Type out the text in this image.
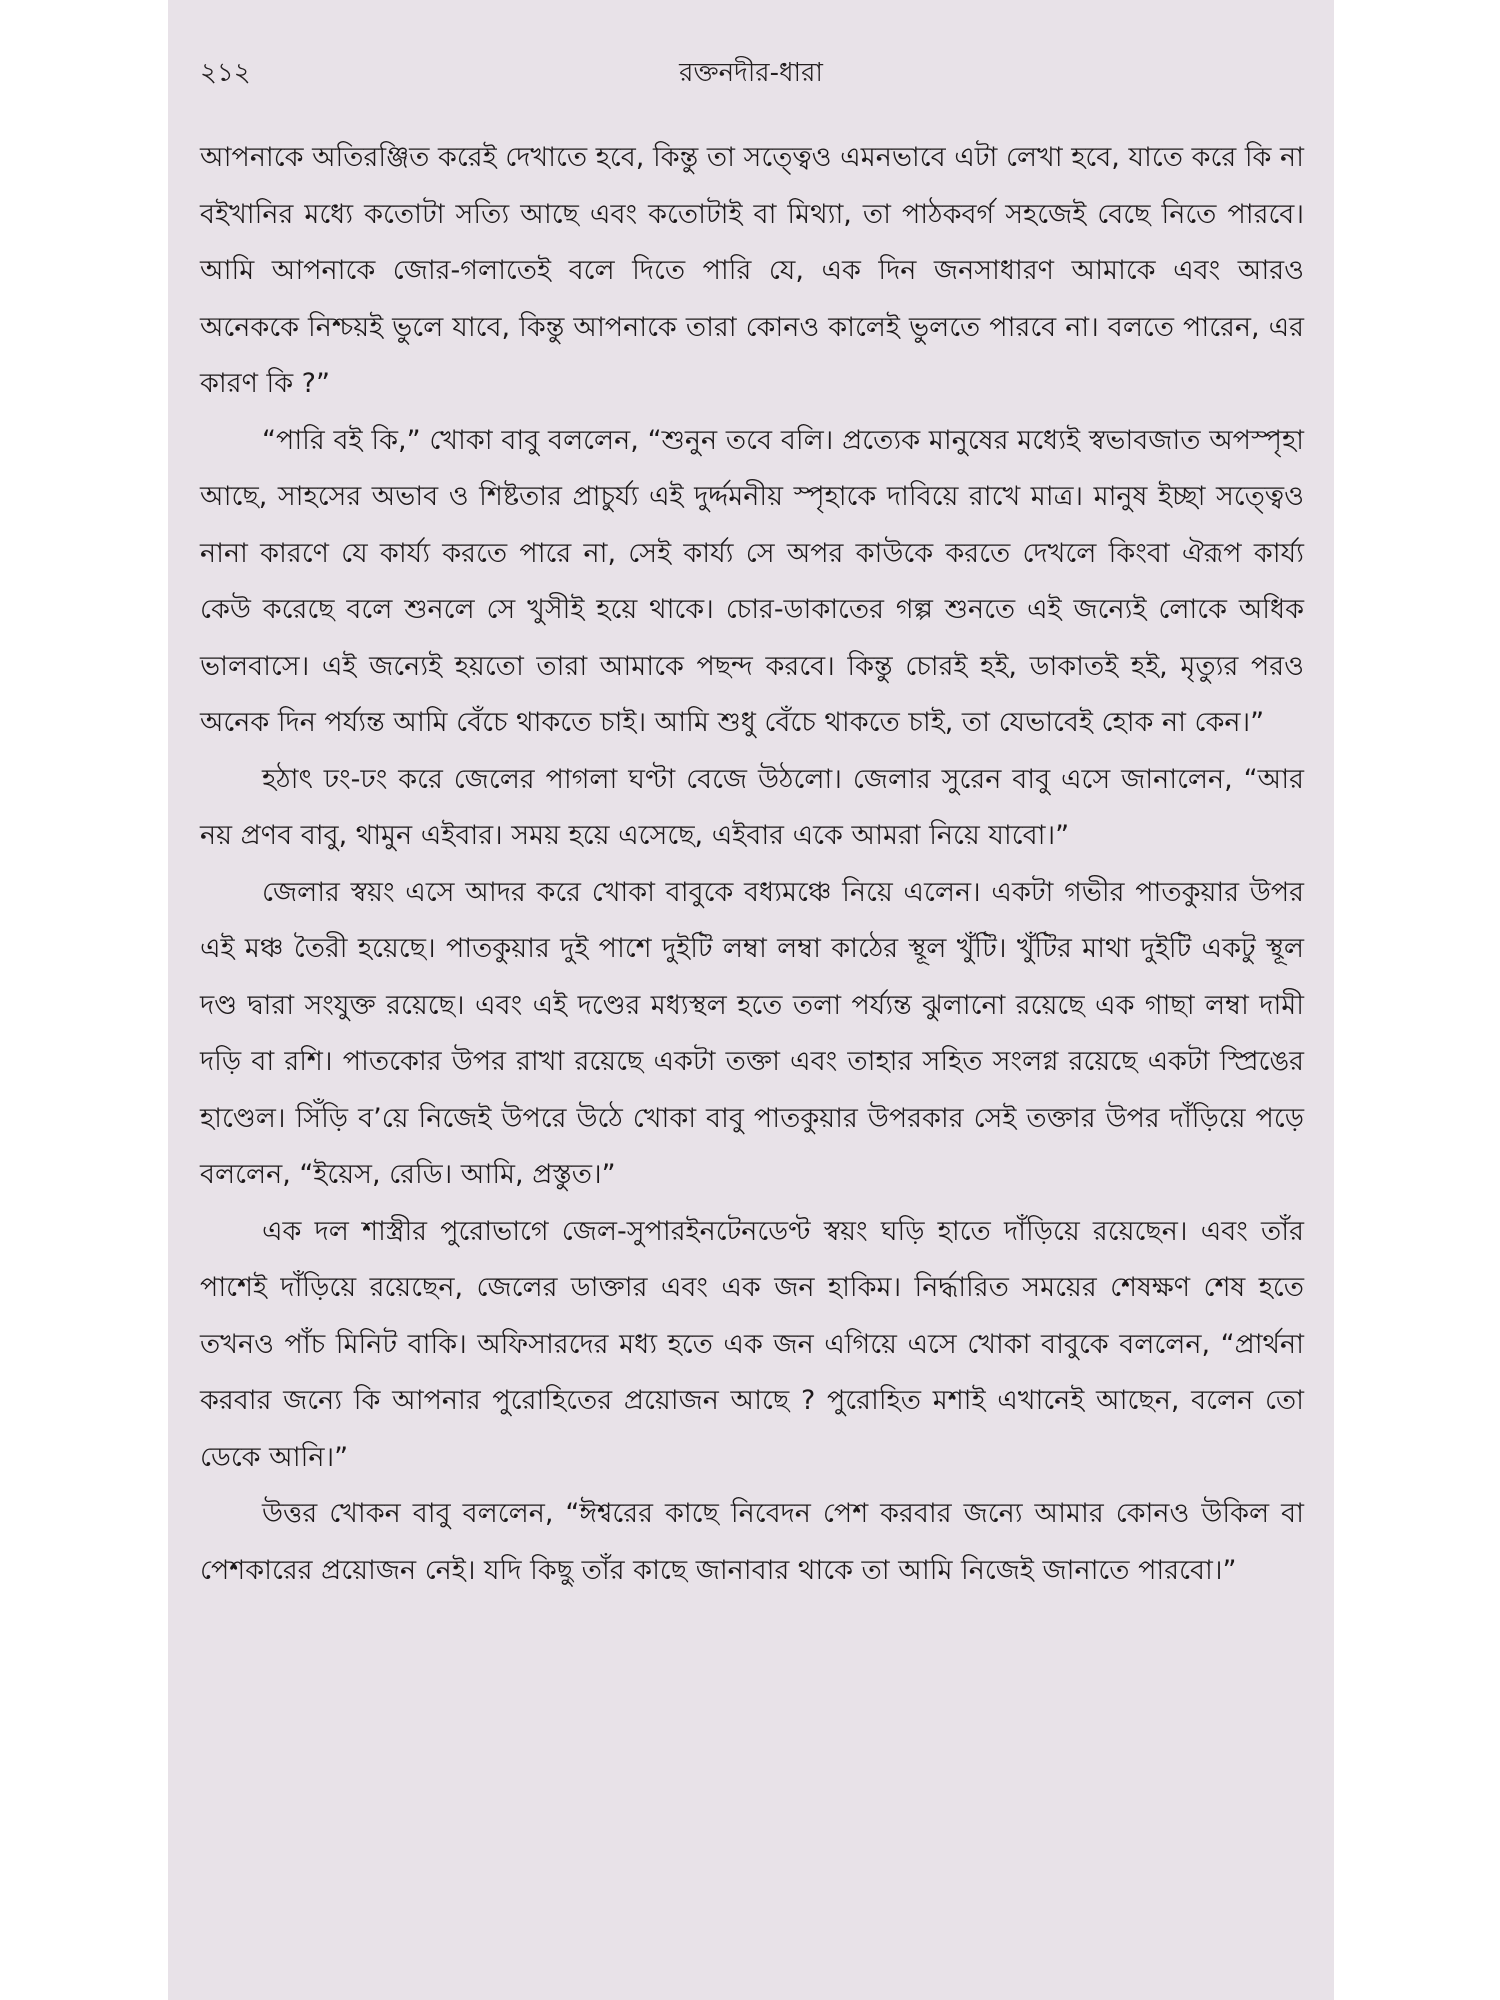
২১২	রক্তনদীর-ধারা

আপনাকে অতিরঞ্জিত করেই দেখাতে হবে, কিন্তু তা সত্ত্বেও এমনভাবে এটা লেখা হবে, যাতে করে কি না বইখানির মধ্যে কতোটা সত্যি আছে এবং কতোটাই বা মিথ্যা, তা পাঠকবর্গ সহজেই বেছে নিতে পারবে। আমি আপনাকে জোর-গলাতেই বলে দিতে পারি যে, এক দিন জনসাধারণ আমাকে এবং আরও অনেককে নিশ্চয়ই ভুলে যাবে, কিন্তু আপনাকে তারা কোনও কালেই ভুলতে পারবে না। বলতে পারেন, এর কারণ কি ?”

“পারি বই কি,” খোকা বাবু বললেন, “শুনুন তবে বলি। প্রত্যেক মানুষের মধ্যেই স্বভাবজাত অপস্পৃহা আছে, সাহসের অভাব ও শিষ্টতার প্রাচুর্য্য এই দুর্দ্দমনীয় স্পৃহাকে দাবিয়ে রাখে মাত্র। মানুষ ইচ্ছা সত্ত্বেও নানা কারণে যে কার্য্য করতে পারে না, সেই কার্য্য সে অপর কাউকে করতে দেখলে কিংবা ঐরূপ কার্য্য কেউ করেছে বলে শুনলে সে খুসীই হয়ে থাকে। চোর-ডাকাতের গল্প শুনতে এই জন্যেই লোকে অধিক ভালবাসে। এই জন্যেই হয়তো তারা আমাকে পছন্দ করবে। কিন্তু চোরই হই, ডাকাতই হই, মৃত্যুর পরও অনেক দিন পর্য্যন্ত আমি বেঁচে থাকতে চাই। আমি শুধু বেঁচে থাকতে চাই, তা যেভাবেই হোক না কেন।”

হঠাৎ ঢং-ঢং করে জেলের পাগলা ঘণ্টা বেজে উঠলো। জেলার সুরেন বাবু এসে জানালেন, “আর নয় প্রণব বাবু, থামুন এইবার। সময় হয়ে এসেছে, এইবার একে আমরা নিয়ে যাবো।”

জেলার স্বয়ং এসে আদর করে খোকা বাবুকে বধ্যমঞ্চে নিয়ে এলেন। একটা গভীর পাতকুয়ার উপর এই মঞ্চ তৈরী হয়েছে। পাতকুয়ার দুই পাশে দুইটি লম্বা লম্বা কাঠের স্থূল খুঁটি। খুঁটির মাথা দুইটি একটু স্থূল দণ্ড দ্বারা সংযুক্ত রয়েছে। এবং এই দণ্ডের মধ্যস্থল হতে তলা পর্য্যন্ত ঝুলানো রয়েছে এক গাছা লম্বা দামী দড়ি বা রশি। পাতকোর উপর রাখা রয়েছে একটা তক্তা এবং তাহার সহিত সংলগ্ন রয়েছে একটা স্প্রিঙের হাণ্ডেল। সিঁড়ি ব’য়ে নিজেই উপরে উঠে খোকা বাবু পাতকুয়ার উপরকার সেই তক্তার উপর দাঁড়িয়ে পড়ে বললেন, “ইয়েস, রেডি। আমি, প্রস্তুত।”

এক দল শাস্ত্রীর পুরোভাগে জেল-সুপারইনটেনডেণ্ট স্বয়ং ঘড়ি হাতে দাঁড়িয়ে রয়েছেন। এবং তাঁর পাশেই দাঁড়িয়ে রয়েছেন, জেলের ডাক্তার এবং এক জন হাকিম। নির্দ্ধারিত সময়ের শেষক্ষণ শেষ হতে তখনও পাঁচ মিনিট বাকি। অফিসারদের মধ্য হতে এক জন এগিয়ে এসে খোকা বাবুকে বললেন, “প্রার্থনা করবার জন্যে কি আপনার পুরোহিতের প্রয়োজন আছে ? পুরোহিত মশাই এখানেই আছেন, বলেন তো ডেকে আনি।”

উত্তর খোকন বাবু বললেন, “ঈশ্বরের কাছে নিবেদন পেশ করবার জন্যে আমার কোনও উকিল বা পেশকারের প্রয়োজন নেই। যদি কিছু তাঁর কাছে জানাবার থাকে তা আমি নিজেই জানাতে পারবো।”
